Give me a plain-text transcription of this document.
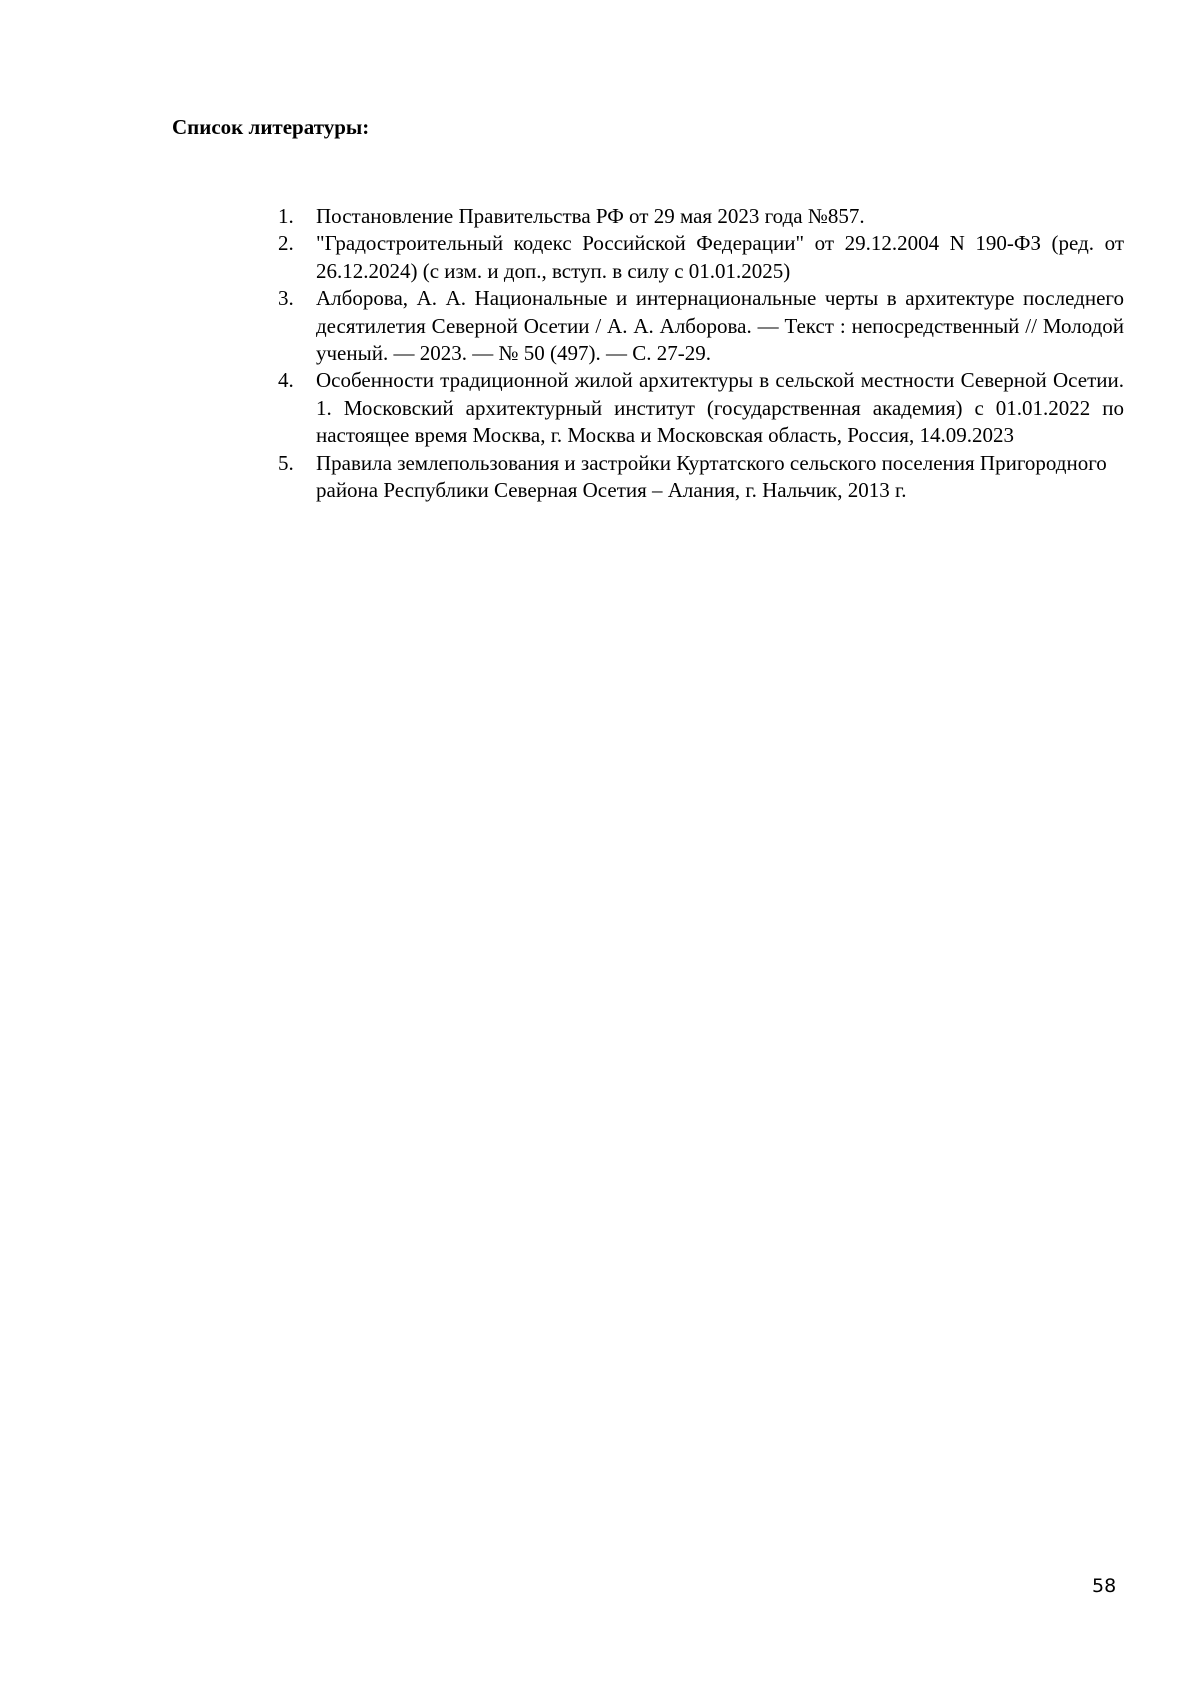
Список литературы:
1. Постановление Правительства РФ от 29 мая 2023 года №857.
2. "Градостроительный кодекс Российской Федерации" от 29.12.2004 N 190-ФЗ (ред. от 26.12.2024) (с изм. и доп., вступ. в силу с 01.01.2025)
3. Алборова, А. А. Национальные и интернациональные черты в архитектуре последнего десятилетия Северной Осетии / А. А. Алборова. — Текст : непосредственный // Молодой ученый. — 2023. — № 50 (497). — С. 27-29.
4. Особенности традиционной жилой архитектуры в сельской местности Северной Осетии. 1. Московский архитектурный институт (государственная академия) с 01.01.2022 по настоящее время Москва, г. Москва и Московская область, Россия, 14.09.2023
5. Правила землепользования и застройки Куртатского сельского поселения Пригородного района Республики Северная Осетия – Алания, г. Нальчик, 2013 г.
58
